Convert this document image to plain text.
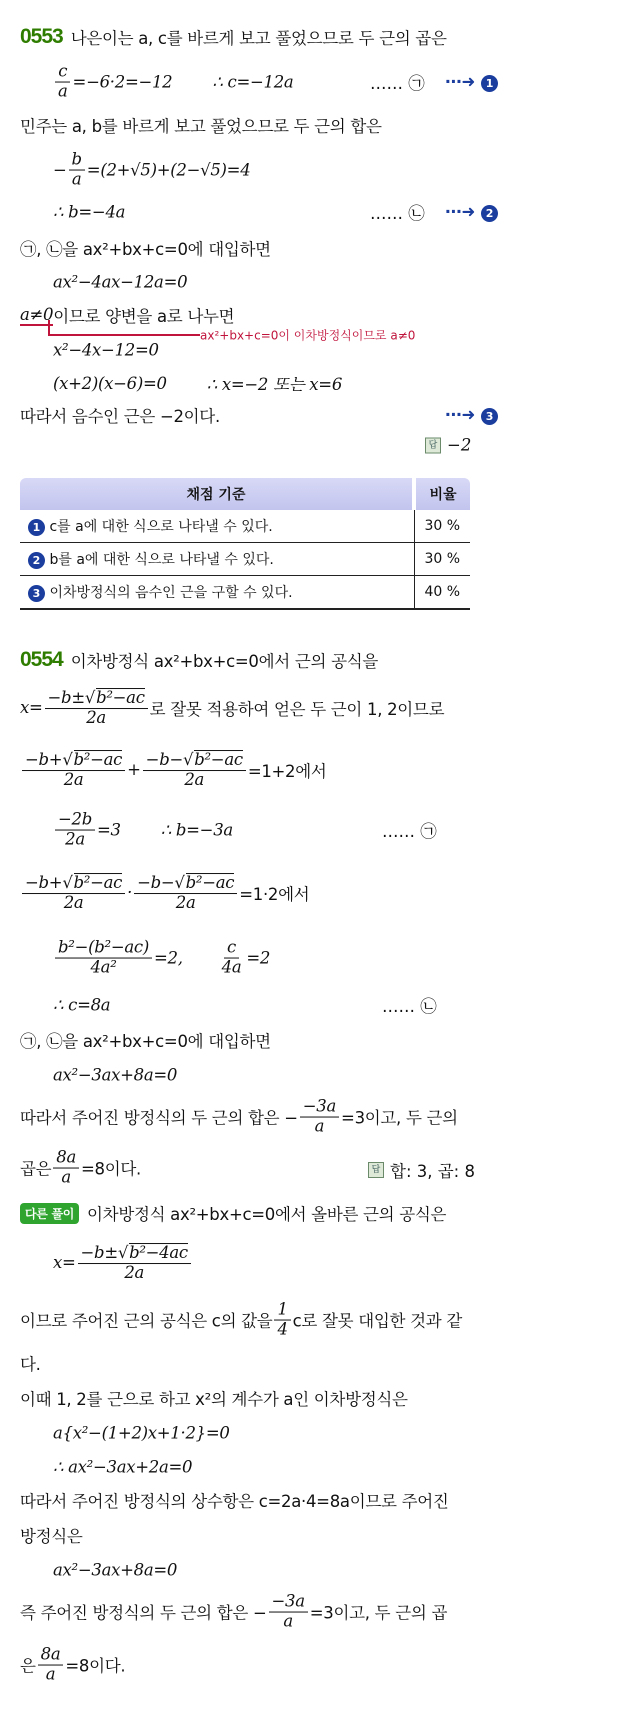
0553 나은이는 a, c를 바르게 보고 풀었으므로 두 근의 곱은
$\frac{c}{a} =-6\cdot 2=-12$ ∴ c=−12a	…… ㉠ ⋯➜ 1
민주는 a, b를 바르게 보고 풀었으므로 두 근의 합은
− $\frac{b}{a} =(2+√5)+(2-√5)=4$
∴ b=−4a	…… ㉡ ⋯➜ 2
㉠, ㉡을 ax²+bx+c=0에 대입하면
ax²−4ax−12a=0
a≠0 이므로 양변을 a로 나누면
ax²+bx+c=0이 이차방정식이므로 a≠0
x²−4x−12=0
(x+2)(x−6)=0 ∴ x=−2 또는 x=6
따라서 음수인 근은 −2이다.	⋯➜ 3
답 −2
채점 기준	비율
1 c를 a에 대한 식으로 나타낼 수 있다.	30 %
2 b를 a에 대한 식으로 나타낼 수 있다.	30 %
3 이차방정식의 음수인 근을 구할 수 있다.	40 %
0554 이차방정식 ax²+bx+c=0에서 근의 공식을
$x= \frac{\text{−b± √ b²−ac}}{2a}$ 로 잘못 적용하여 얻은 두 근이 1, 2이므로
$\frac{\text{−b+ √ b²−ac}}{2a} + \frac{\text{−b− √ b²−ac}}{2a} =1+2$에서
$\frac{-2b}{2a} =3$ ∴ b=−3a	…… ㉠
$\frac{\text{−b+ √ b²−ac}}{2a} \cdot \frac{\text{−b− √ b²−ac}}{2a} =1\cdot 2$에서
$\frac{\text{b²−(b²−ac)}}{\text{4a²}} =2$, $\frac{c}{4a} =2$
∴ c=8a	…… ㉡
㉠, ㉡을 ax²+bx+c=0에 대입하면
ax²−3ax+8a=0
따라서 주어진 방정식의 두 근의 합은 − $\frac{-3a}{a} =3$이고, 두 근의
곱은 $\frac{8a}{a} =8$이다.	답 합: 3, 곱: 8
다른 풀이 이차방정식 ax²+bx+c=0에서 올바른 근의 공식은
$x= \frac{\text{−b± √ b²−4ac}}{2a}$
이므로 주어진 근의 공식은 c의 값을 $\frac{1}{4}$ c로 잘못 대입한 것과 같
다.
이때 1, 2를 근으로 하고 x²의 계수가 a인 이차방정식은
a{x²−(1+2)x+1·2}=0
∴ ax²−3ax+2a=0
따라서 주어진 방정식의 상수항은 c=2a·4=8a이므로 주어진
방정식은
ax²−3ax+8a=0
즉 주어진 방정식의 두 근의 합은 − $\frac{-3a}{a} =3$이고, 두 근의 곱
은 $\frac{8a}{a} =8$이다.
